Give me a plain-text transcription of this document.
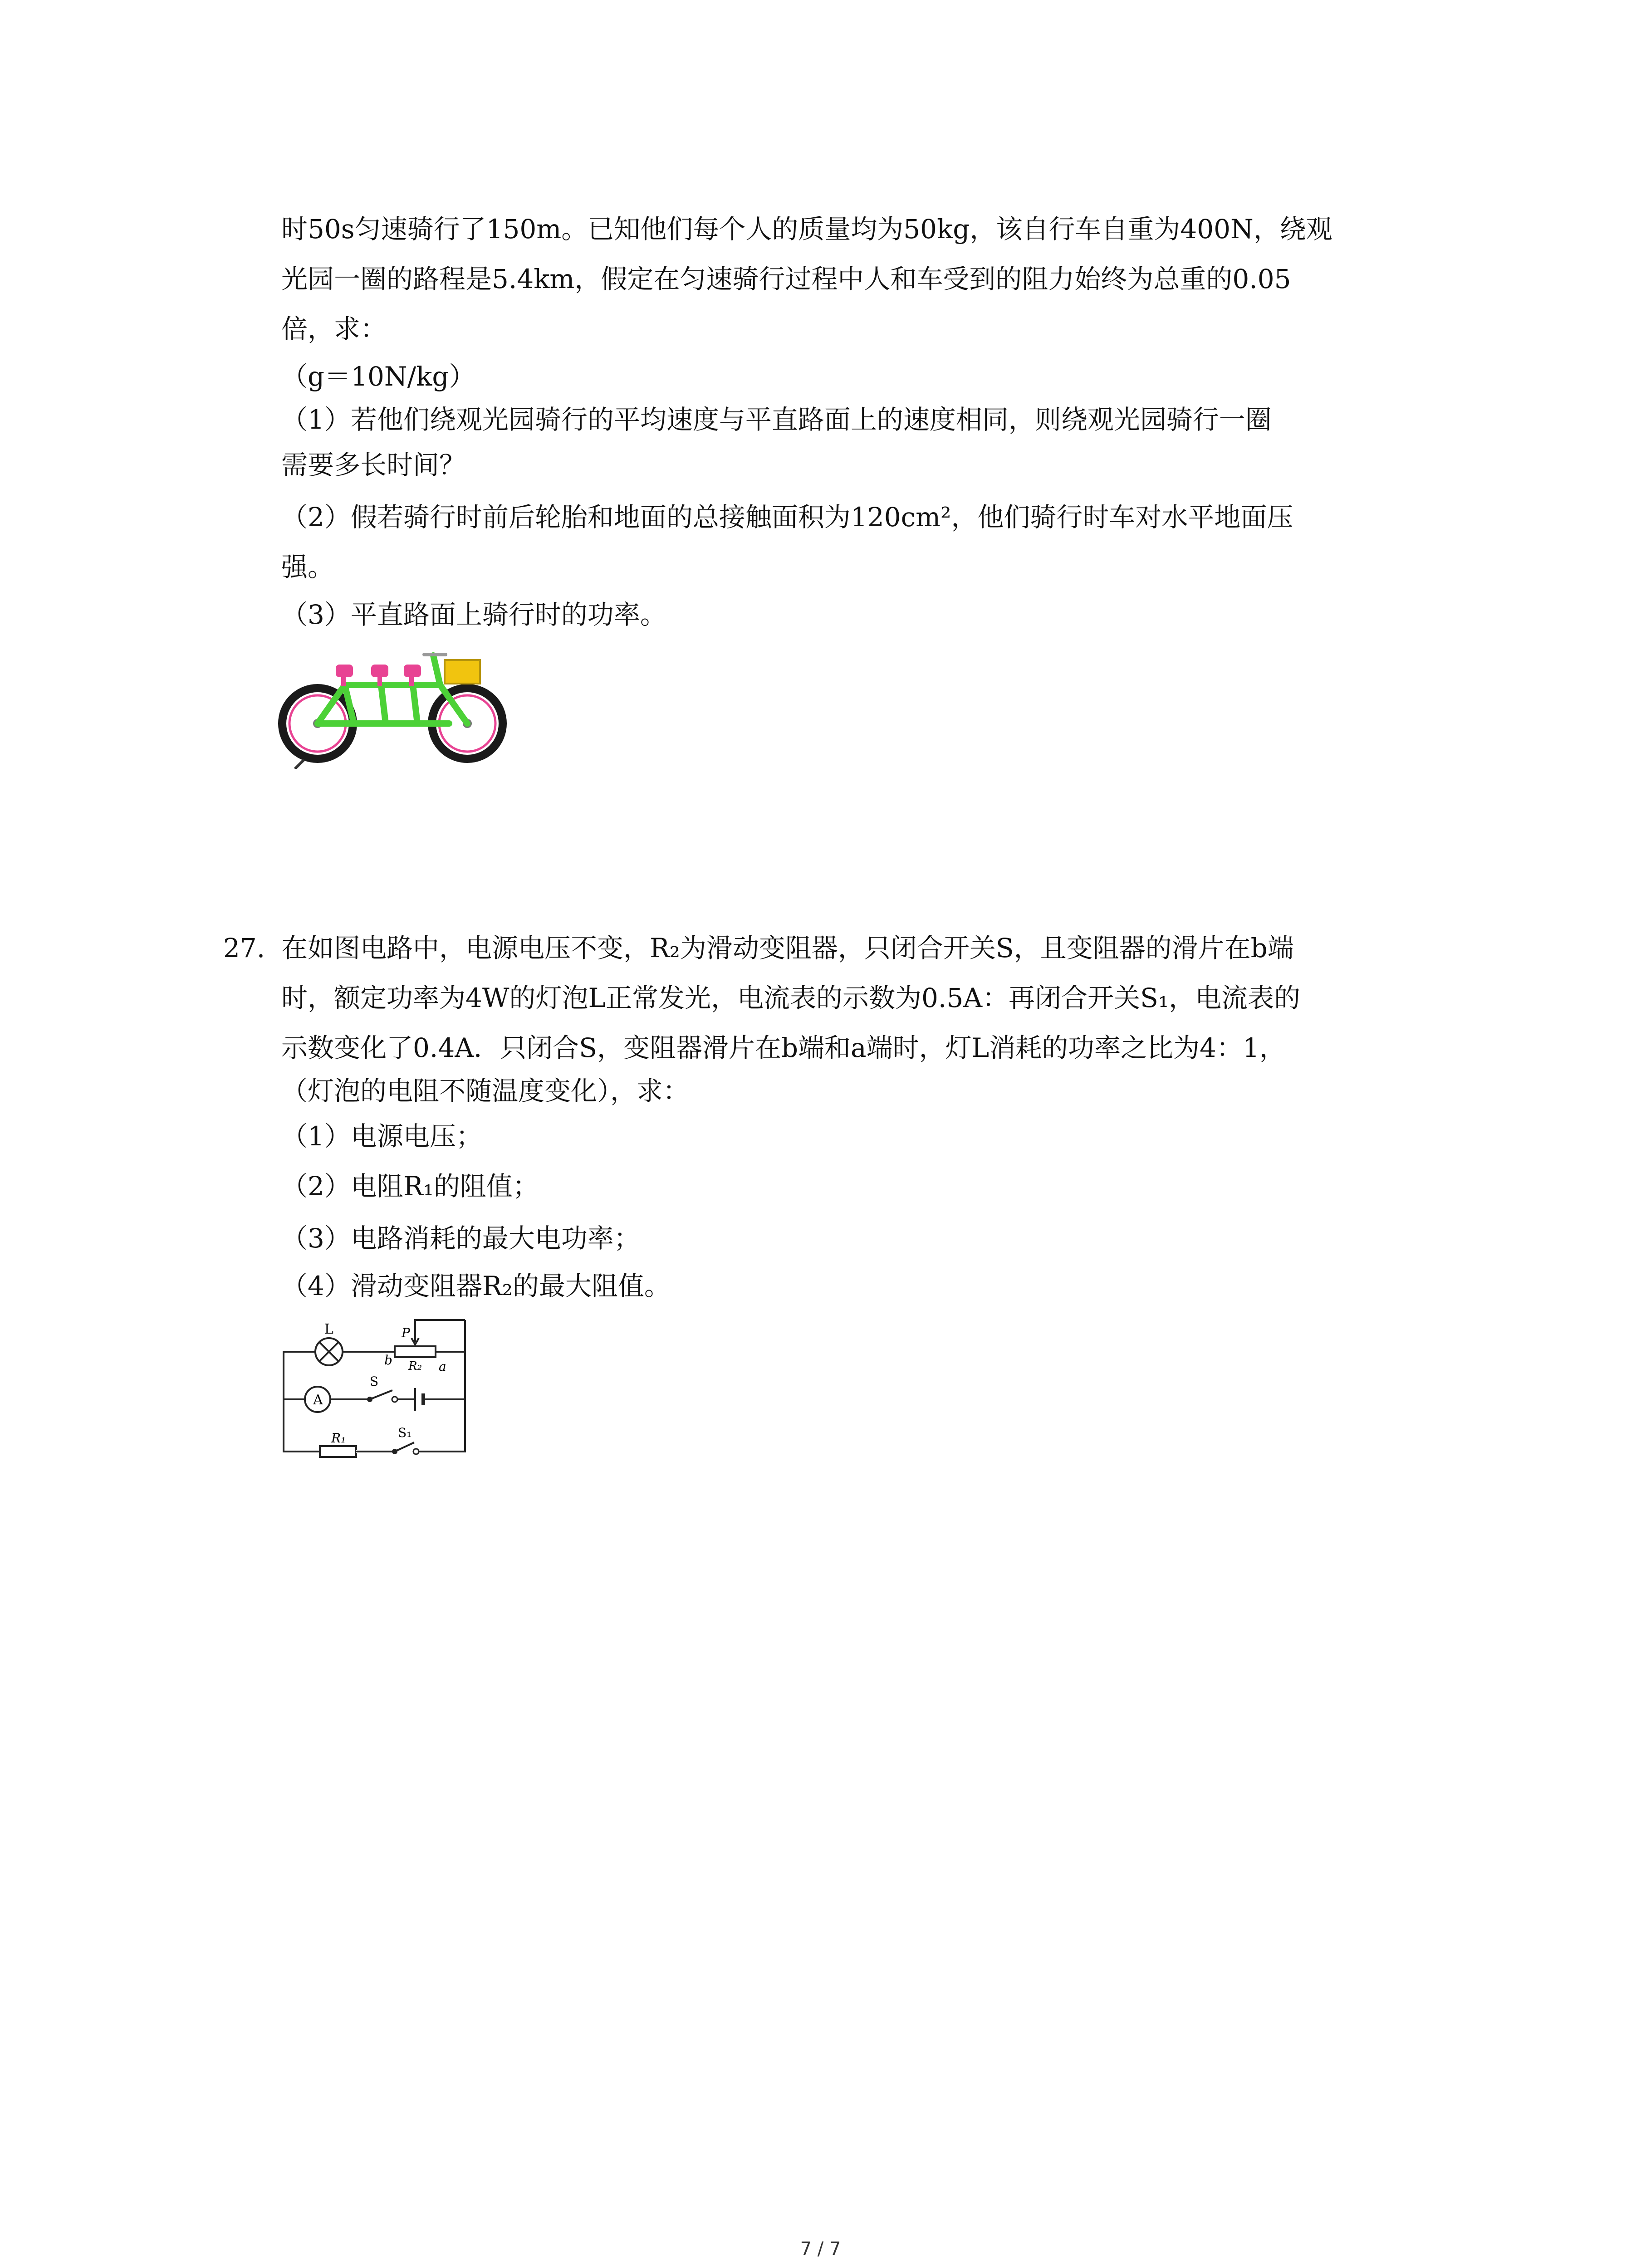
时50s匀速骑行了150m。已知他们每个人的质量均为50kg，该自行车自重为400N，绕观
光园一圈的路程是5.4km，假定在匀速骑行过程中人和车受到的阻力始终为总重的0.05
倍，求：
（g＝10N/kg）
（1）若他们绕观光园骑行的平均速度与平直路面上的速度相同，则绕观光园骑行一圈
需要多长时间？
（2）假若骑行时前后轮胎和地面的总接触面积为120cm²，他们骑行时车对水平地面压
强。
（3）平直路面上骑行时的功率。
27. 在如图电路中，电源电压不变，R₂为滑动变阻器，只闭合开关S，且变阻器的滑片在b端
时，额定功率为4W的灯泡L正常发光，电流表的示数为0.5A：再闭合开关S₁，电流表的
示数变化了0.4A．只闭合S，变阻器滑片在b端和a端时，灯L消耗的功率之比为4：1，
（灯泡的电阻不随温度变化），求：
（1）电源电压；
（2）电阻R₁的阻值；
（3）电路消耗的最大电功率；
（4）滑动变阻器R₂的最大阻值。
L
A
S
S₁
R₁
R₂
P
a
b
7 / 7
